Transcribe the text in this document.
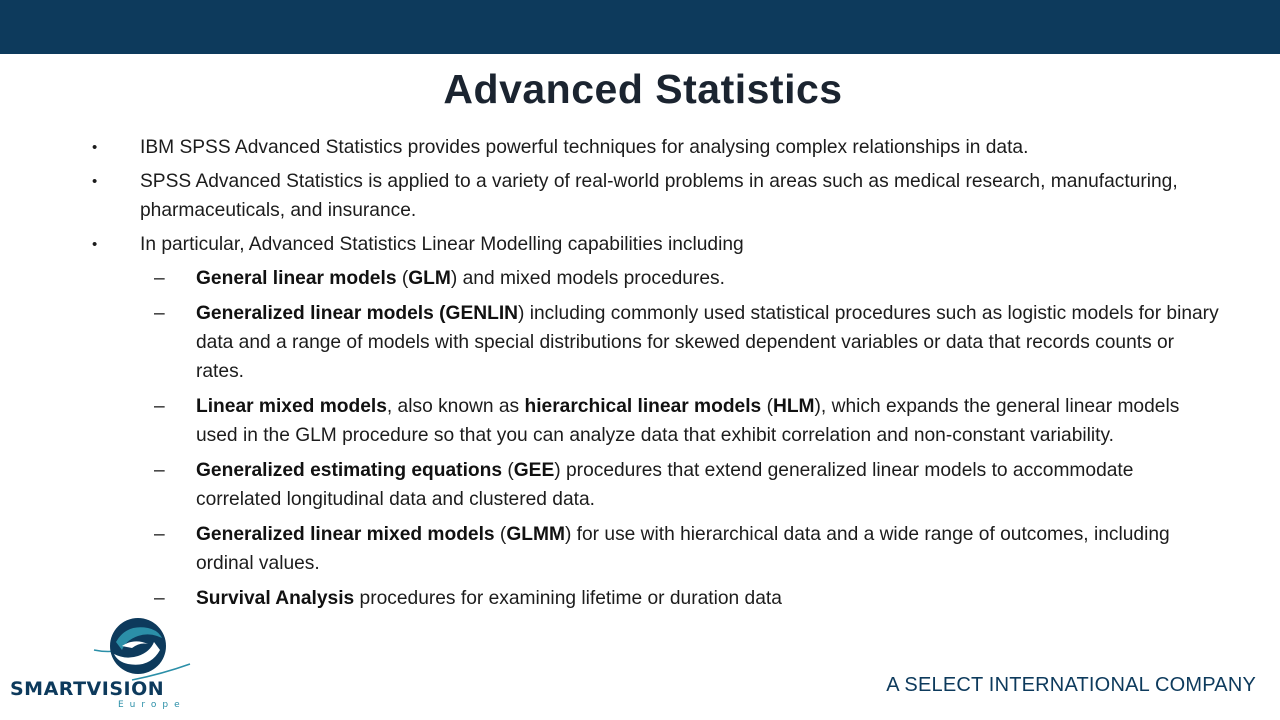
Advanced Statistics
• IBM SPSS Advanced Statistics provides powerful techniques for analysing complex relationships in data.
• SPSS Advanced Statistics is applied to a variety of real-world problems in areas such as medical research, manufacturing, pharmaceuticals, and insurance.
• In particular, Advanced Statistics Linear Modelling capabilities including
– General linear models (GLM) and mixed models procedures.
– Generalized linear models (GENLIN) including commonly used statistical procedures such as logistic models for binary data and a range of models with special distributions for skewed dependent variables or data that records counts or rates.
– Linear mixed models, also known as hierarchical linear models (HLM), which expands the general linear models used in the GLM procedure so that you can analyze data that exhibit correlation and non-constant variability.
– Generalized estimating equations (GEE) procedures that extend generalized linear models to accommodate correlated longitudinal data and clustered data.
– Generalized linear mixed models (GLMM) for use with hierarchical data and a wide range of outcomes, including ordinal values.
– Survival Analysis procedures for examining lifetime or duration data
SMARTVISION
Europe
A SELECT INTERNATIONAL COMPANY
